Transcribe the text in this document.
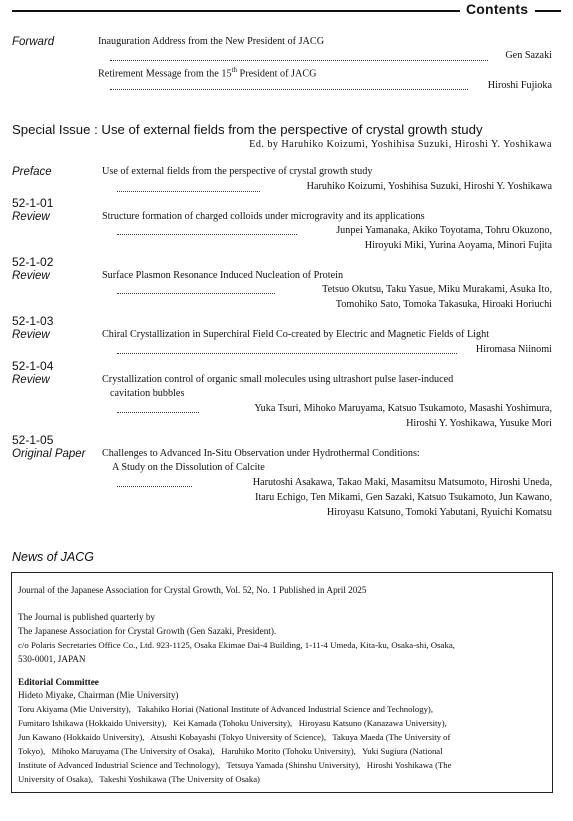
Contents
Forward	Inauguration Address from the New President of JACG
Gen Sazaki
Retirement Message from the 15th President of JACG
Hiroshi Fujioka
Special Issue : Use of external fields from the perspective of crystal growth study
Ed. by Haruhiko Koizumi, Yoshihisa Suzuki, Hiroshi Y. Yoshikawa
Preface	Use of external fields from the perspective of crystal growth study
Haruhiko Koizumi, Yoshihisa Suzuki, Hiroshi Y. Yoshikawa
52-1-01
Review	Structure formation of charged colloids under microgravity and its applications
Junpei Yamanaka, Akiko Toyotama, Tohru Okuzono,
Hiroyuki Miki, Yurina Aoyama, Minori Fujita
52-1-02
Review	Surface Plasmon Resonance Induced Nucleation of Protein
Tetsuo Okutsu, Taku Yasue, Miku Murakami, Asuka Ito,
Tomohiko Sato, Tomoka Takasuka, Hiroaki Horiuchi
52-1-03
Review	Chiral Crystallization in Superchiral Field Co-created by Electric and Magnetic Fields of Light
Hiromasa Niinomi
52-1-04
Review	Crystallization control of organic small molecules using ultrashort pulse laser-induced
cavitation bubbles
Yuka Tsuri, Mihoko Maruyama, Katsuo Tsukamoto, Masashi Yoshimura,
Hiroshi Y. Yoshikawa, Yusuke Mori
52-1-05
Original Paper Challenges to Advanced In-Situ Observation under Hydrothermal Conditions:
A Study on the Dissolution of Calcite
Harutoshi Asakawa, Takao Maki, Masamitsu Matsumoto, Hiroshi Uneda,
Itaru Echigo, Ten Mikami, Gen Sazaki, Katsuo Tsukamoto, Jun Kawano,
Hiroyasu Katsuno, Tomoki Yabutani, Ryuichi Komatsu
News of JACG
Journal of the Japanese Association for Crystal Growth, Vol. 52, No. 1 Published in April 2025
The Journal is published quarterly by
The Japanese Association for Crystal Growth (Gen Sazaki, President).
c/o Polaris Secretaries Office Co., Ltd. 923-1125, Osaka Ekimae Dai-4 Building, 1-11-4 Umeda, Kita-ku, Osaka-shi, Osaka,
530-0001, JAPAN
Editorial Committee
Hideto Miyake, Chairman (Mie University)
Toru Akiyama (Mie University),   Takahiko Horiai (National Institute of Advanced Industrial Science and Technology),
Fumitaro Ishikawa (Hokkaido University),   Kei Kamada (Tohoku University),   Hiroyasu Katsuno (Kanazawa University),
Jun Kawano (Hokkaido University),   Atsushi Kobayashi (Tokyo University of Science),   Takuya Maeda (The University of
Tokyo),   Mihoko Maruyama (The University of Osaka),   Haruhiko Morito (Tohoku University),   Yuki Sugiura (National
Institute of Advanced Industrial Science and Technology),   Tetsuya Yamada (Shinshu University),   Hiroshi Yoshikawa (The
University of Osaka),   Takeshi Yoshikawa (The University of Osaka)
